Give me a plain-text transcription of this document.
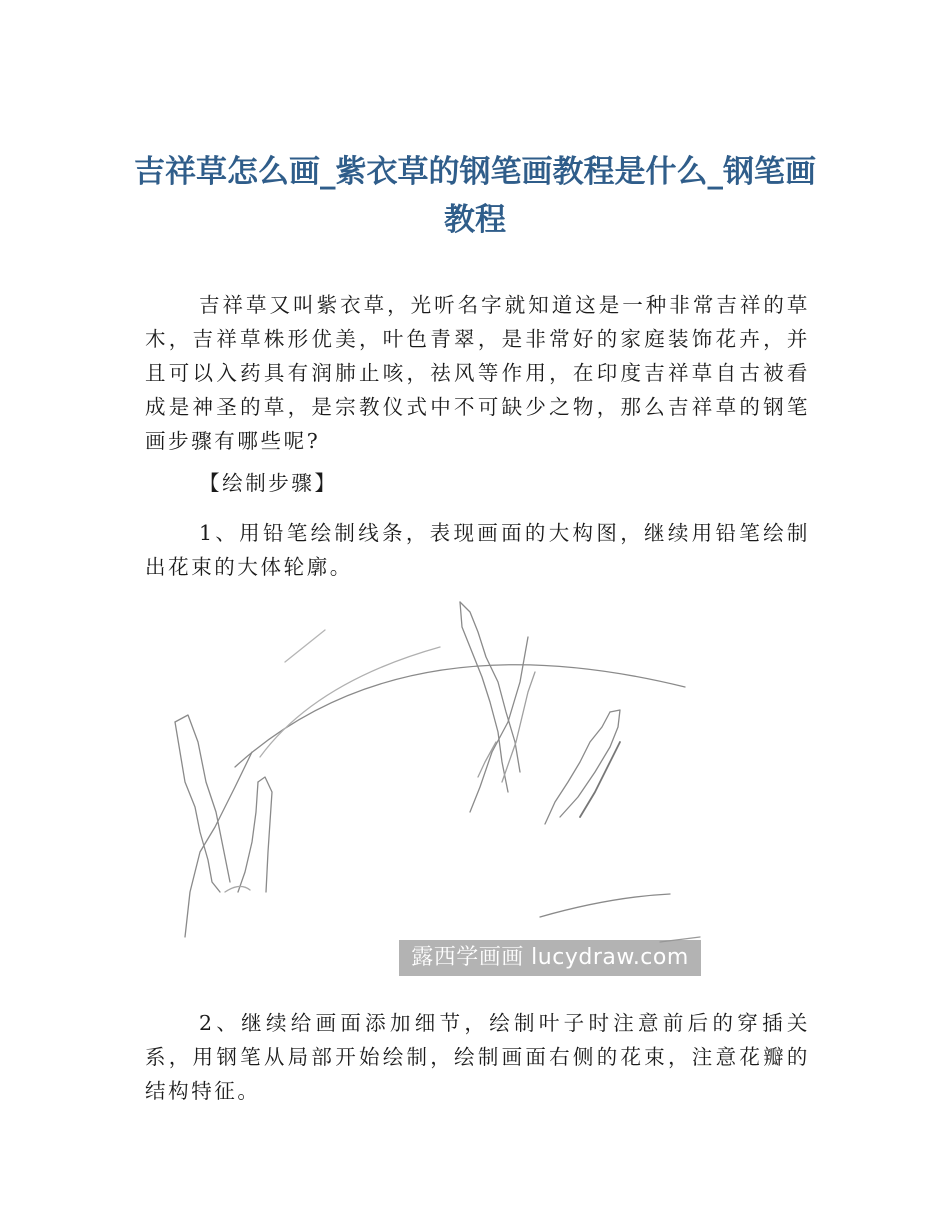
吉祥草怎么画_紫衣草的钢笔画教程是什么_钢笔画教程

吉祥草又叫紫衣草，光听名字就知道这是一种非常吉祥的草木，吉祥草株形优美，叶色青翠，是非常好的家庭装饰花卉，并且可以入药具有润肺止咳，祛风等作用，在印度吉祥草自古被看成是神圣的草，是宗教仪式中不可缺少之物，那么吉祥草的钢笔画步骤有哪些呢?

【绘制步骤】

1、用铅笔绘制线条，表现画面的大构图，继续用铅笔绘制出花束的大体轮廓。

露西学画画 lucydraw.com

2、继续给画面添加细节，绘制叶子时注意前后的穿插关系，用钢笔从局部开始绘制，绘制画面右侧的花束，注意花瓣的结构特征。
